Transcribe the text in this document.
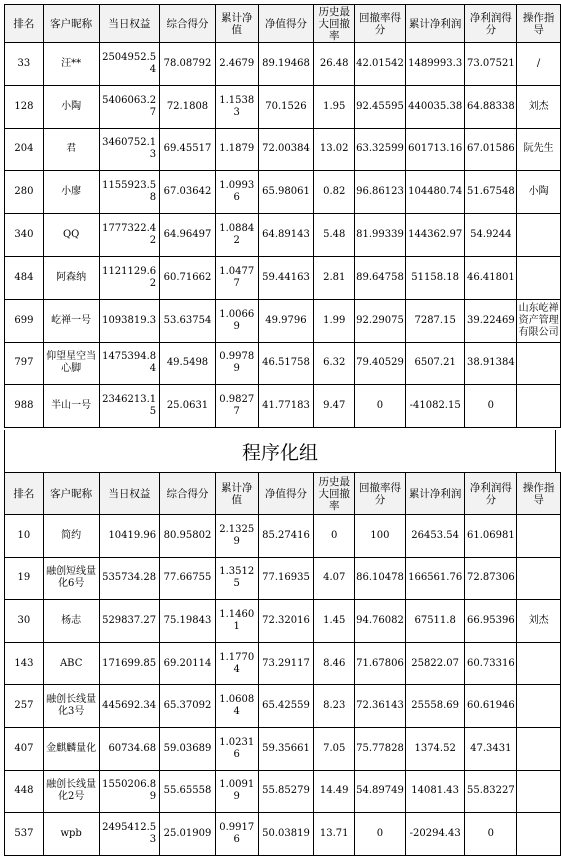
排名	客户昵称	当日权益	综合得分	累计净值	净值得分	历史最大回撤率	回撤率得分	累计净利润	净利润得分	操作指导
33	汪**	2504952.54	78.08792	2.4679	89.19468	26.48	42.01542	1489993.3	73.07521	/
128	小陶	5406063.27	72.1808	1.15383	70.1526	1.95	92.45595	440035.38	64.88338	刘杰
204	君	3460752.13	69.45517	1.1879	72.00384	13.02	63.32599	601713.16	67.01586	阮先生
280	小廖	1155923.58	67.03642	1.09936	65.98061	0.82	96.86123	104480.74	51.67548	小陶
340	QQ	1777322.42	64.96497	1.08842	64.89143	5.48	81.99339	144362.97	54.9244	
484	阿森纳	1121129.62	60.71662	1.04777	59.44163	2.81	89.64758	51158.18	46.41801	
699	屹禅一号	1093819.3	53.63754	1.00669	49.9796	1.99	92.29075	7287.15	39.22469	山东屹禅资产管理有限公司
797	仰望星空当心脚	1475394.84	49.5498	0.99789	46.51758	6.32	79.40529	6507.21	38.91384	
988	半山一号	2346213.15	25.0631	0.98277	41.77183	9.47	0	-41082.15	0	
程序化组
排名	客户昵称	当日权益	综合得分	累计净值	净值得分	历史最大回撤率	回撤率得分	累计净利润	净利润得分	操作指导
10	简约	10419.96	80.95802	2.13259	85.27416	0	100	26453.54	61.06981	
19	融创短线量化6号	535734.28	77.66755	1.35125	77.16935	4.07	86.10478	166561.76	72.87306	
30	杨志	529837.27	75.19843	1.14601	72.32016	1.45	94.76082	67511.8	66.95396	刘杰
143	ABC	171699.85	69.20114	1.17704	73.29117	8.46	71.67806	25822.07	60.73316	
257	融创长线量化3号	445692.34	65.37092	1.06084	65.42559	8.23	72.36143	25558.69	60.61946	
407	金麒麟量化	60734.68	59.03689	1.02316	59.35661	7.05	75.77828	1374.52	47.3431	
448	融创长线量化2号	1550206.89	55.65558	1.00919	55.85279	14.49	54.89749	14081.43	55.83227	
537	wpb	2495412.53	25.01909	0.99176	50.03819	13.71	0	-20294.43	0	
